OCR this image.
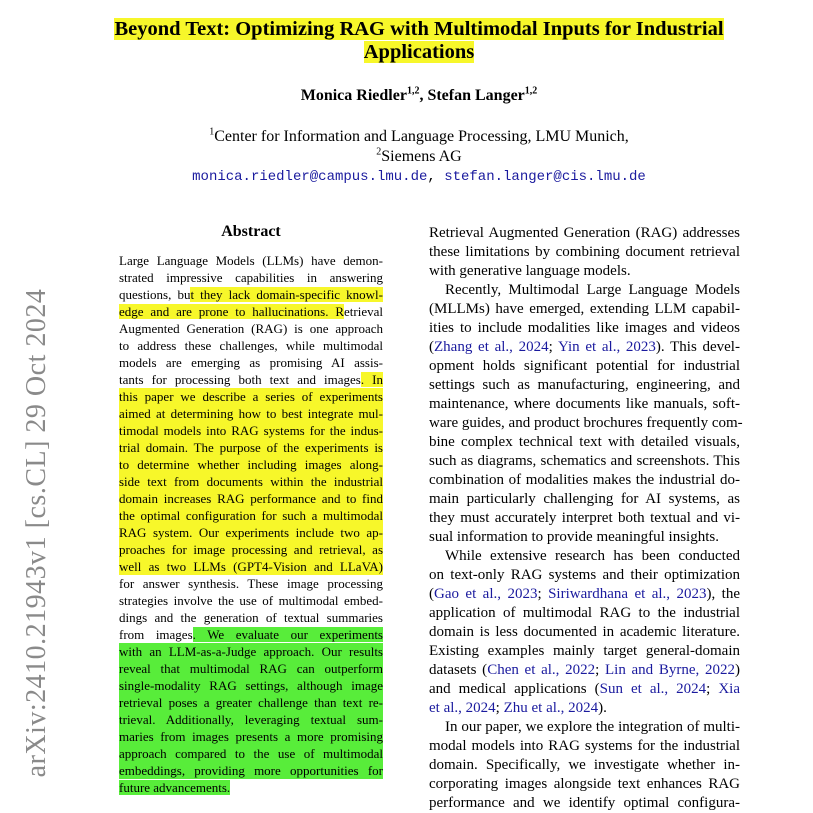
arXiv:2410.21943v1 [cs.CL] 29 Oct 2024
Beyond Text: Optimizing RAG with Multimodal Inputs for Industrial
Applications
Monica Riedler$^{1,2}$, Stefan Langer$^{1,2}$
$^1$Center for Information and Language Processing, LMU Munich,
$^2$Siemens AG
monica.riedler@campus.lmu.de, stefan.langer@cis.lmu.de
Abstract
Large Language Models (LLMs) have demon-
strated impressive capabilities in answering
questions, but they lack domain-specific knowl-
edge and are prone to hallucinations. Retrieval
Augmented Generation (RAG) is one approach
to address these challenges, while multimodal
models are emerging as promising AI assis-
tants for processing both text and images. In
this paper we describe a series of experiments
aimed at determining how to best integrate mul-
timodal models into RAG systems for the indus-
trial domain. The purpose of the experiments is
to determine whether including images along-
side text from documents within the industrial
domain increases RAG performance and to find
the optimal configuration for such a multimodal
RAG system. Our experiments include two ap-
proaches for image processing and retrieval, as
well as two LLMs (GPT4-Vision and LLaVA)
for answer synthesis. These image processing
strategies involve the use of multimodal embed-
dings and the generation of textual summaries
from images. We evaluate our experiments
with an LLM-as-a-Judge approach. Our results
reveal that multimodal RAG can outperform
single-modality RAG settings, although image
retrieval poses a greater challenge than text re-
trieval. Additionally, leveraging textual sum-
maries from images presents a more promising
approach compared to the use of multimodal
embeddings, providing more opportunities for
future advancements.
Retrieval Augmented Generation (RAG) addresses
these limitations by combining document retrieval
with generative language models.
Recently, Multimodal Large Language Models
(MLLMs) have emerged, extending LLM capabil-
ities to include modalities like images and videos
(Zhang et al., 2024; Yin et al., 2023). This devel-
opment holds significant potential for industrial
settings such as manufacturing, engineering, and
maintenance, where documents like manuals, soft-
ware guides, and product brochures frequently com-
bine complex technical text with detailed visuals,
such as diagrams, schematics and screenshots. This
combination of modalities makes the industrial do-
main particularly challenging for AI systems, as
they must accurately interpret both textual and vi-
sual information to provide meaningful insights.
While extensive research has been conducted
on text-only RAG systems and their optimization
(Gao et al., 2023; Siriwardhana et al., 2023), the
application of multimodal RAG to the industrial
domain is less documented in academic literature.
Existing examples mainly target general-domain
datasets (Chen et al., 2022; Lin and Byrne, 2022)
and medical applications (Sun et al., 2024; Xia
et al., 2024; Zhu et al., 2024).
In our paper, we explore the integration of multi-
modal models into RAG systems for the industrial
domain. Specifically, we investigate whether in-
corporating images alongside text enhances RAG
performance and we identify optimal configura-
